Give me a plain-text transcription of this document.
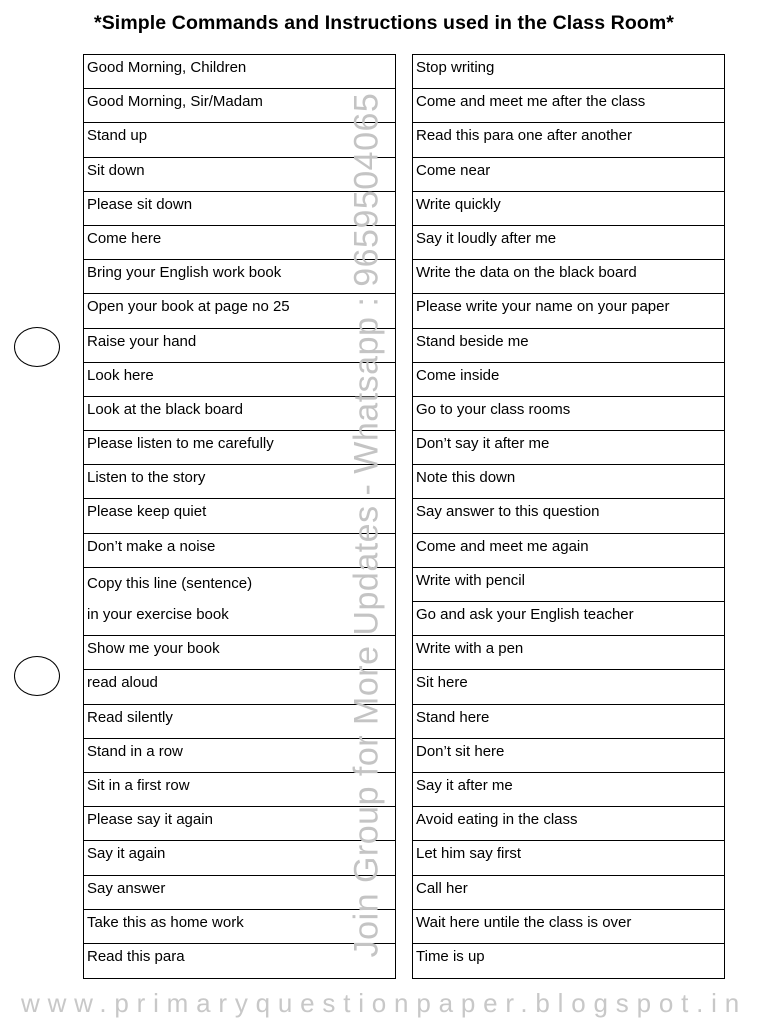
*Simple Commands and Instructions used in the Class Room*
Good Morning, Children
Good Morning, Sir/Madam
Stand up
Sit down
Please sit down
Come here
Bring your English work book
Open your book at page no 25
Raise your hand
Look here
Look at the black board
Please listen to me carefully
Listen to the story
Please keep quiet
Don’t make a noise
Copy this line (sentence)
in your exercise book
Show me your book
read aloud
Read silently
Stand in a row
Sit in a first row
Please say it again
Say it again
Say answer
Take this as home work
Read this para
Stop writing
Come and meet me after the class
Read this para one after another
Come near
Write quickly
Say it loudly after me
Write the data on the black board
Please write your name on your paper
Stand beside me
Come inside
Go to your class rooms
Don’t say it after me
Note this down
Say answer to this question
Come and meet me again
Write with pencil
Go and ask your English teacher
Write with a pen
Sit here
Stand here
Don’t sit here
Say it after me
Avoid eating in the class
Let him say first
Call her
Wait here untile the class is over
Time is up
Join Group for More Updates - Whatsapp : 9659504065
www.primaryquestionpaper.blogspot.in
